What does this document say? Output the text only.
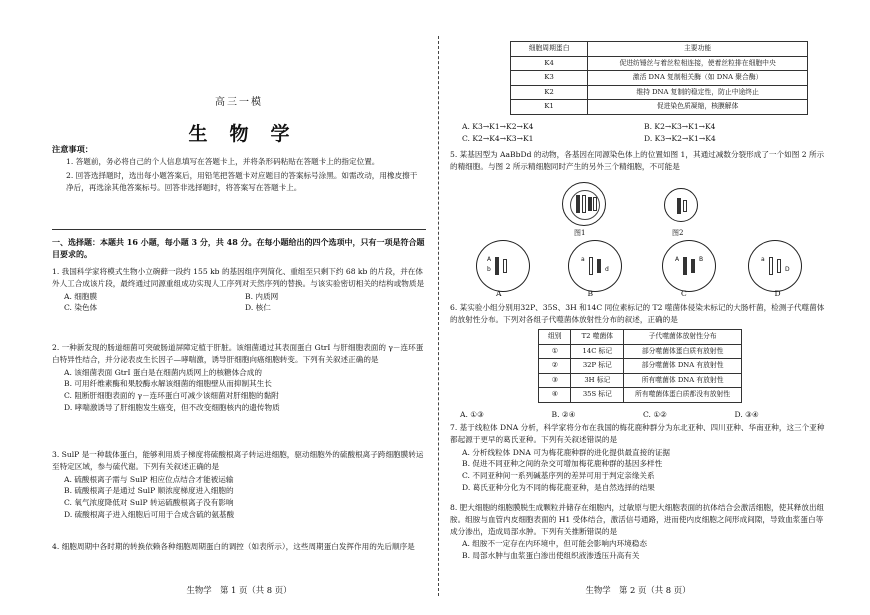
高三一模
生物学
注意事项：

1. 答题前，务必将自己的个人信息填写在答题卡上，并将条形码粘贴在答题卡上的指定位置。

2. 回答选择题时，选出每小题答案后，用铅笔把答题卡对应题目的答案标号涂黑。如需改动，用橡皮擦干净后，再选涂其他答案标号。回答非选择题时，将答案写在答题卡上。

一、选择题：本题共 16 小题，每小题 3 分，共 48 分。在每小题给出的四个选项中，只有一项是符合题目要求的。
1. 我国科学家将模式生物小立碗藓一段约 155 kb 的基因组序列简化、重组至只剩下约 68 kb 的片段，并在体外人工合成该片段，最终通过同源重组成功实现人工序列对天然序列的替换。与该实验密切相关的结构或物质是
A. 细胞膜	B. 内质网
C. 染色体	D. 核仁
2. 一种新发现的肠道细菌可突破肠道屏障定植于肝脏。该细菌通过其表面蛋白 GtrI 与肝细胞表面的 γ－连环蛋白特异性结合，并分泌表皮生长因子—哮喘激，诱导肝细胞向癌细胞转变。下列有关叙述正确的是
A. 该细菌表面 GtrI 蛋白是在细菌内质网上的核糖体合成的
B. 可用纤维素酶和果胶酶水解该细菌的细胞壁从而抑制其生长
C. 阻断肝细胞表面的 γ－连环蛋白可减少该细菌对肝细胞的黏附
D. 哮喘激诱导了肝细胞发生癌变，但不改变细胞核内的遗传物质
3. SulP 是一种载体蛋白，能够利用质子梯度将硫酸根离子转运进细胞，驱动细胞外的硫酸根离子跨细胞膜转运至特定区域，参与硫代谢。下列有关叙述正确的是
A. 硫酸根离子需与 SulP 相应位点结合才能被运输
B. 硫酸根离子是通过 SulP 顺浓度梯度进入细胞的
C. 氧气浓度降低对 SulP 转运硫酸根离子没有影响
D. 硫酸根离子进入细胞后可用于合成含硫的氨基酸
4. 细胞周期中各时期的转换依赖各种细胞周期蛋白的调控（如表所示），这些周期蛋白发挥作用的先后顺序是
生物学　第 1 页（共 8 页）
细胞周期蛋白	主要功能
K4	促进纺锤丝与着丝粒相连接，使着丝粒排在细胞中央
K3	激活 DNA 复制相关酶（如 DNA 聚合酶）
K2	维持 DNA 复制的稳定性，防止中途终止
K1	促进染色质凝缩，核膜解体
A. K3→K1→K2→K4	B. K2→K3→K1→K4
C. K2→K4→K3→K1	D. K3→K2→K1→K4
5. 某基因型为 AaBbDd 的动物，各基因在同源染色体上的位置如图 1，其通过减数分裂形成了一个如图 2 所示的精细胞。与图 2 所示精细胞同时产生的另外三个精细胞，不可能是
图1	图2
A
b
a
d
A	B	a
D
A	B	C	D
6. 某实验小组分别用32P、35S、3H 和14C 同位素标记的 T2 噬菌体侵染未标记的大肠杆菌，检测子代噬菌体的放射性分布。下列对各组子代噬菌体放射性分布的叙述，正确的是
组别	T2 噬菌体	子代噬菌体放射性分布
①	14C 标记	部分噬菌体蛋白质有放射性
②	32P 标记	部分噬菌体 DNA 有放射性
③	3H 标记	所有噬菌体 DNA 有放射性
④	35S 标记	所有噬菌体蛋白质都没有放射性
A. ①③	B. ②④	C. ①②	D. ③④
7. 基于线粒体 DNA 分析，科学家将分布在我国的梅花鹿种群分为东北亚种、四川亚种、华南亚种，这三个亚种都起源于更早的葛氏亚种。下列有关叙述错误的是
A. 分析线粒体 DNA 可为梅花鹿种群的进化提供最直接的证据
B. 促进不同亚种之间的杂交可增加梅花鹿种群的基因多样性
C. 不同亚种间一系列碱基序列的差异可用于判定亲缘关系
D. 葛氏亚种分化为不同的梅花鹿亚种，是自然选择的结果
8. 肥大细胞的细胞膜脱生成颗粒并储存在细胞内，过敏原与肥大细胞表面的抗体结合会激活细胞，使其释放出组胺。组胺与血管内皮细胞表面的 H1 受体结合，激活信号通路，进而使内皮细胞之间形成间隙，导致血浆蛋白等成分渗出，造成局部水肿。下列有关推断错误的是
A. 组胺不一定存在内环境中，但可能会影响内环境稳态
B. 局部水肿与血浆蛋白渗出使组织液渗透压升高有关
生物学　第 2 页（共 8 页）
